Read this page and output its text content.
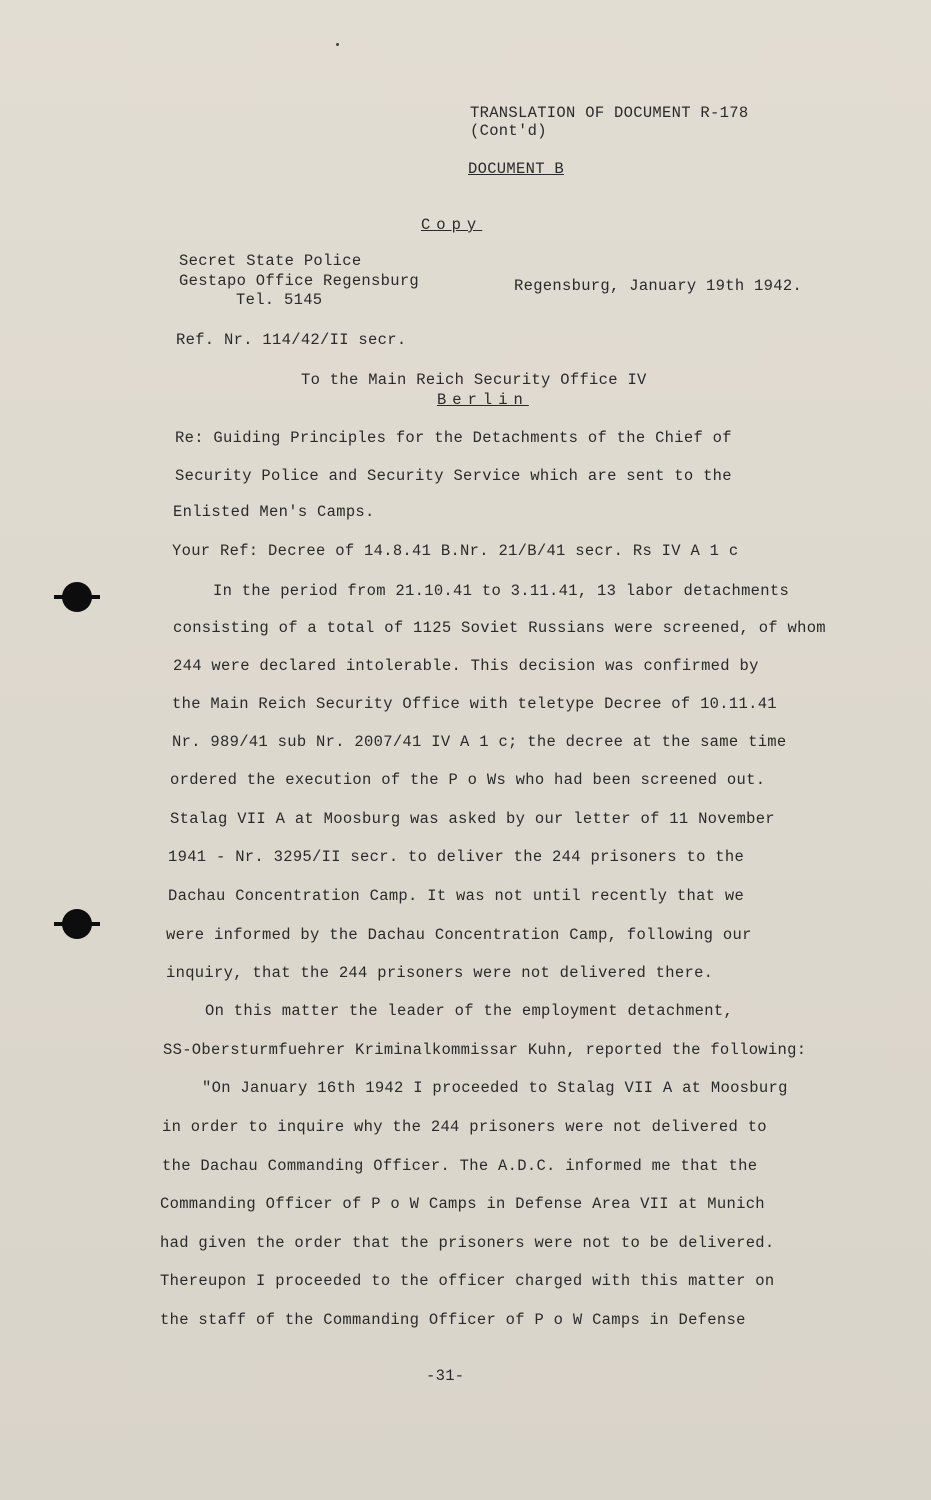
TRANSLATION OF DOCUMENT R-178
(Cont'd)
DOCUMENT B
Copy
Secret State Police
Gestapo Office Regensburg
Tel. 5145
Regensburg, January 19th 1942.
Ref. Nr. 114/42/II secr.
To the Main Reich Security Office IV
Berlin
Re: Guiding Principles for the Detachments of the Chief of
Security Police and Security Service which are sent to the
Enlisted Men's Camps.
Your Ref: Decree of 14.8.41 B.Nr. 21/B/41 secr. Rs IV A 1 c
In the period from 21.10.41 to 3.11.41, 13 labor detachments
consisting of a total of 1125 Soviet Russians were screened, of whom
244 were declared intolerable. This decision was confirmed by
the Main Reich Security Office with teletype Decree of 10.11.41
Nr. 989/41 sub Nr. 2007/41 IV A 1 c; the decree at the same time
ordered the execution of the P o Ws who had been screened out.
Stalag VII A at Moosburg was asked by our letter of 11 November
1941 - Nr. 3295/II secr. to deliver the 244 prisoners to the
Dachau Concentration Camp. It was not until recently that we
were informed by the Dachau Concentration Camp, following our
inquiry, that the 244 prisoners were not delivered there.
On this matter the leader of the employment detachment,
SS-Obersturmfuehrer Kriminalkommissar Kuhn, reported the following:
"On January 16th 1942 I proceeded to Stalag VII A at Moosburg
in order to inquire why the 244 prisoners were not delivered to
the Dachau Commanding Officer. The A.D.C. informed me that the
Commanding Officer of P o W Camps in Defense Area VII at Munich
had given the order that the prisoners were not to be delivered.
Thereupon I proceeded to the officer charged with this matter on
the staff of the Commanding Officer of P o W Camps in Defense
-31-
